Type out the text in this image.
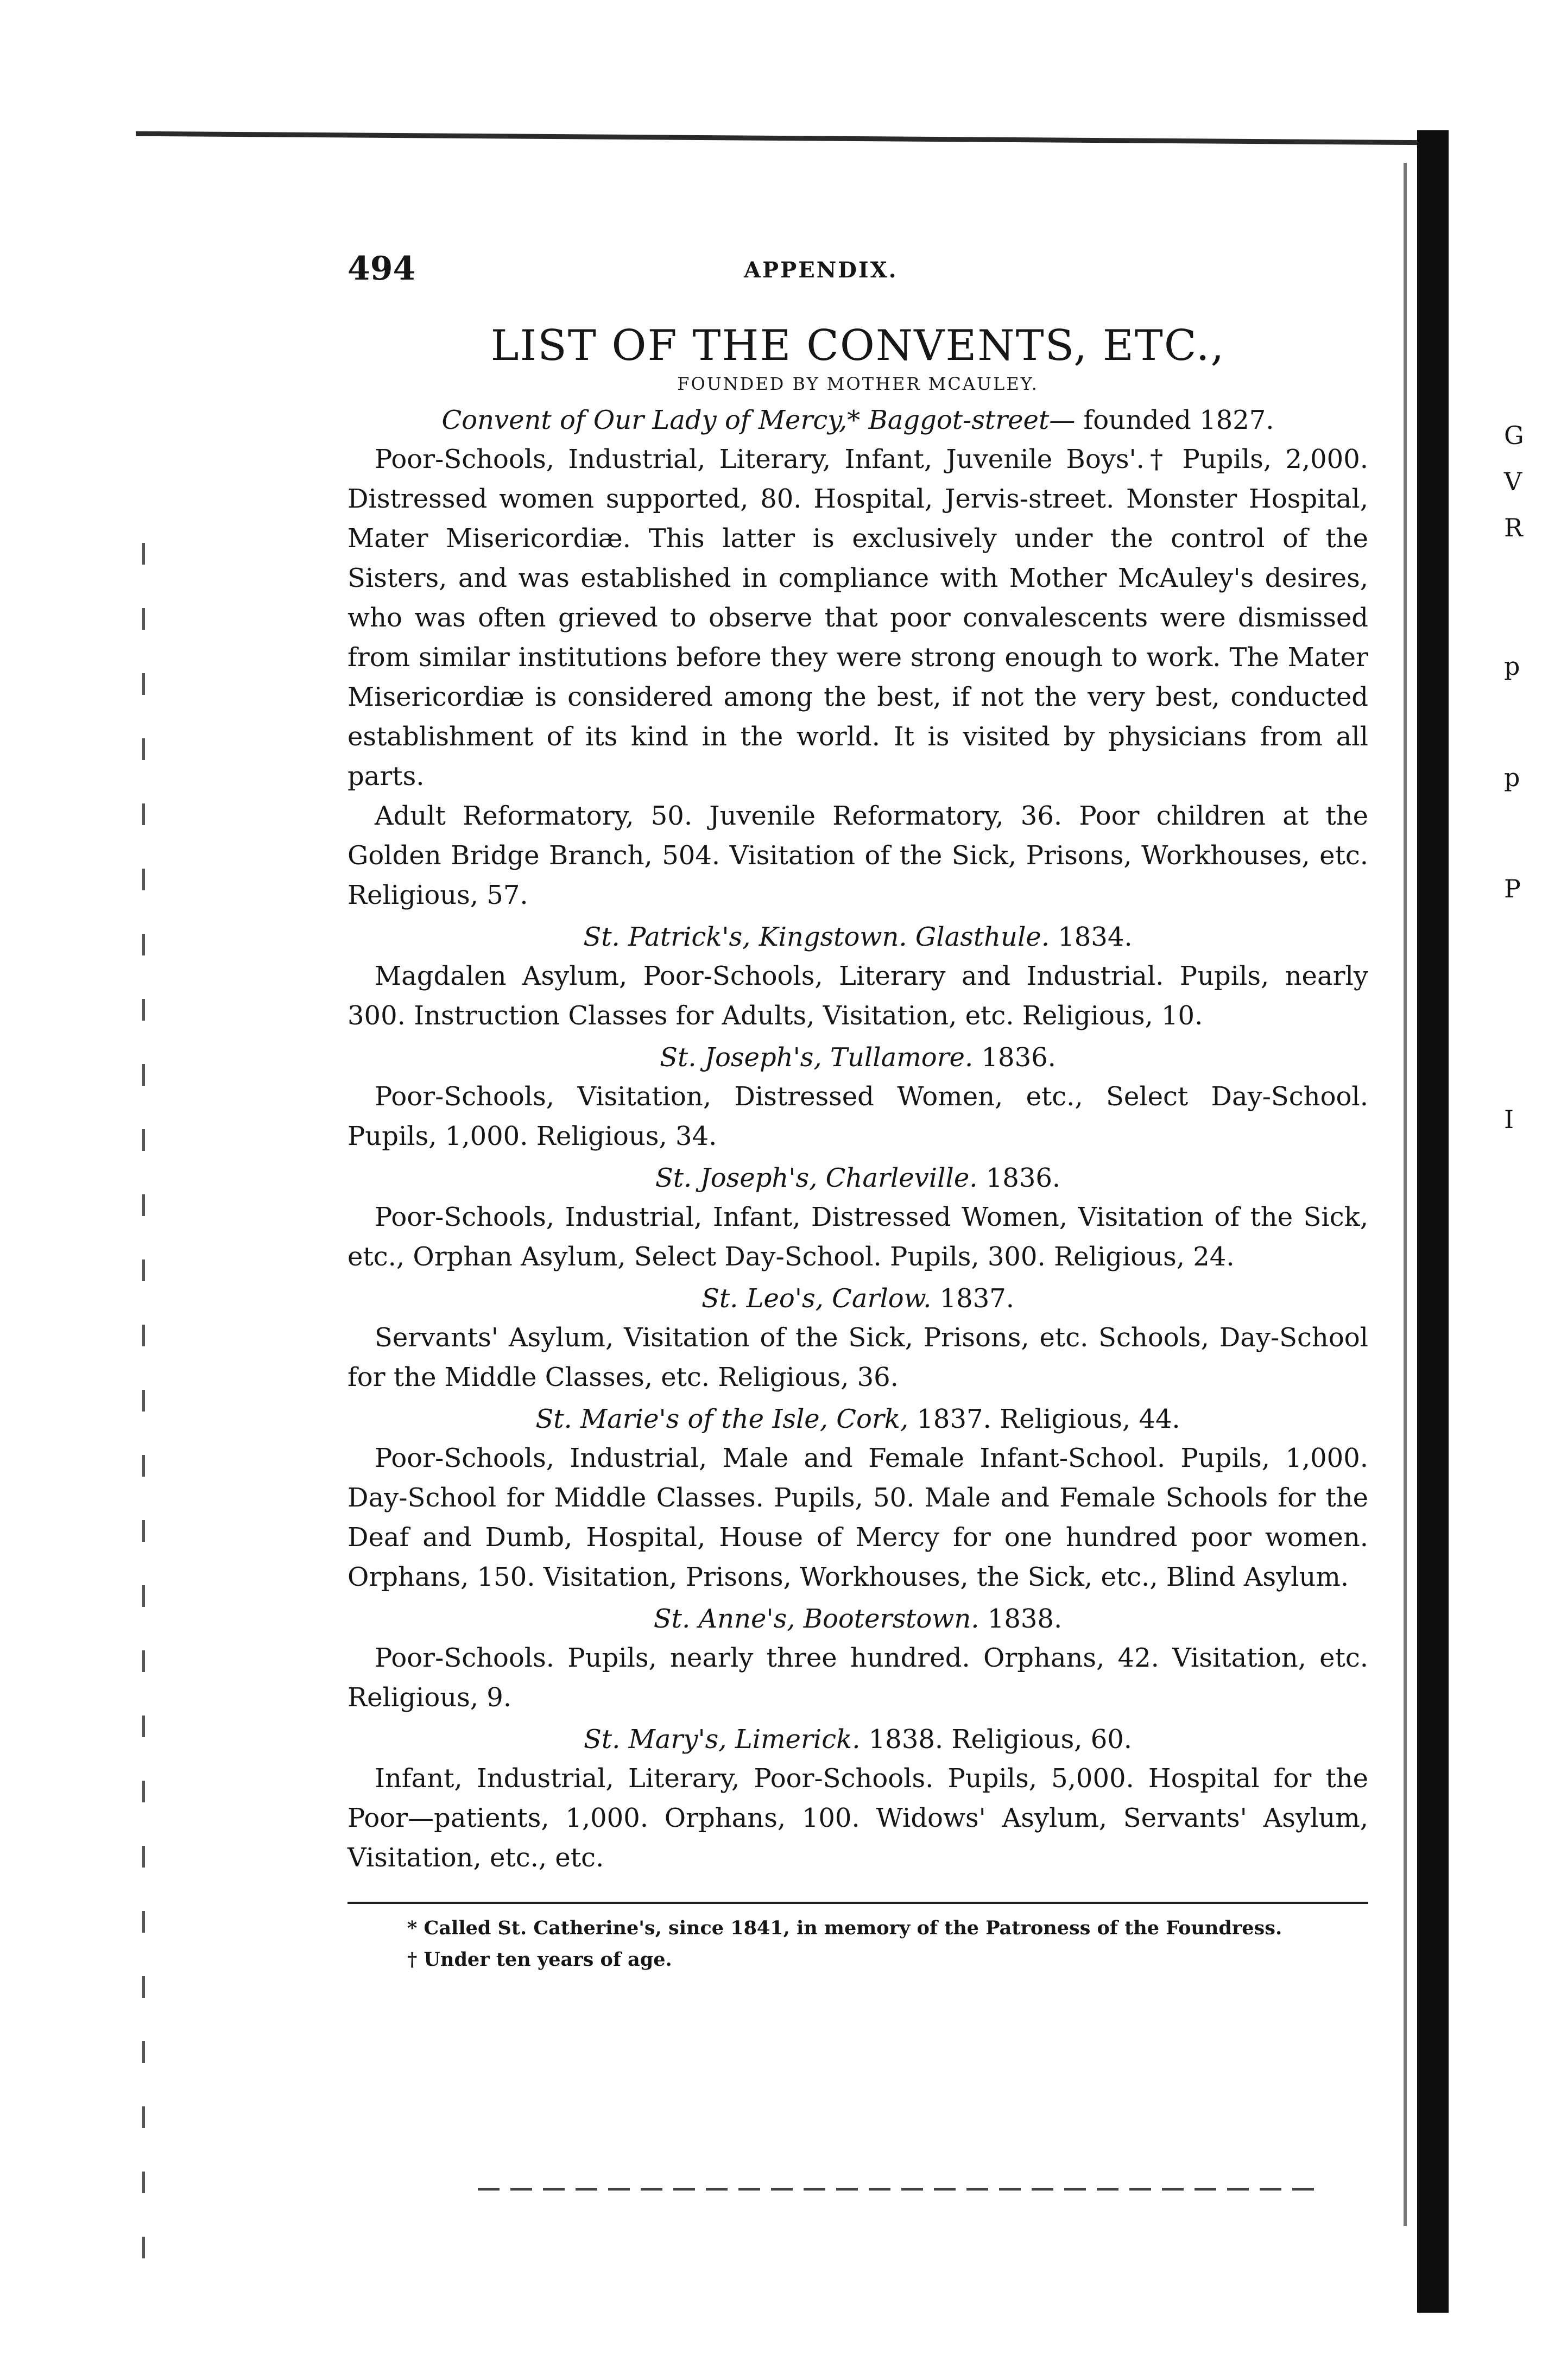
G
V
R
p
p
P
I
494	APPENDIX.
LIST OF THE CONVENTS, ETC.,
FOUNDED BY MOTHER MCAULEY.
Convent of Our Lady of Mercy,* Baggot-street— founded 1827.

Poor-Schools, Industrial, Literary, Infant, Juvenile Boys'.† Pupils, 2,000. Distressed women supported, 80. Hospital, Jervis-street. Monster Hospital, Mater Misericordiæ. This latter is exclusively under the control of the Sisters, and was established in compliance with Mother McAuley's desires, who was often grieved to observe that poor convalescents were dismissed from similar institutions before they were strong enough to work. The Mater Misericordiæ is considered among the best, if not the very best, conducted establishment of its kind in the world. It is visited by physicians from all parts.

Adult Reformatory, 50. Juvenile Reformatory, 36. Poor children at the Golden Bridge Branch, 504. Visitation of the Sick, Prisons, Workhouses, etc. Religious, 57.

St. Patrick's, Kingstown. Glasthule. 1834.

Magdalen Asylum, Poor-Schools, Literary and Industrial. Pupils, nearly 300. Instruction Classes for Adults, Visitation, etc. Religious, 10.

St. Joseph's, Tullamore. 1836.

Poor-Schools, Visitation, Distressed Women, etc., Select Day-School. Pupils, 1,000. Religious, 34.

St. Joseph's, Charleville. 1836.

Poor-Schools, Industrial, Infant, Distressed Women, Visitation of the Sick, etc., Orphan Asylum, Select Day-School. Pupils, 300. Religious, 24.

St. Leo's, Carlow. 1837.

Servants' Asylum, Visitation of the Sick, Prisons, etc. Schools, Day-School for the Middle Classes, etc. Religious, 36.

St. Marie's of the Isle, Cork, 1837. Religious, 44.

Poor-Schools, Industrial, Male and Female Infant-School. Pupils, 1,000. Day-School for Middle Classes. Pupils, 50. Male and Female Schools for the Deaf and Dumb, Hospital, House of Mercy for one hundred poor women. Orphans, 150. Visitation, Prisons, Workhouses, the Sick, etc., Blind Asylum.

St. Anne's, Booterstown. 1838.

Poor-Schools. Pupils, nearly three hundred. Orphans, 42. Visitation, etc. Religious, 9.

St. Mary's, Limerick. 1838. Religious, 60.

Infant, Industrial, Literary, Poor-Schools. Pupils, 5,000. Hospital for the Poor—patients, 1,000. Orphans, 100. Widows' Asylum, Servants' Asylum, Visitation, etc., etc.

* Called St. Catherine's, since 1841, in memory of the Patroness of the Foundress.
† Under ten years of age.
